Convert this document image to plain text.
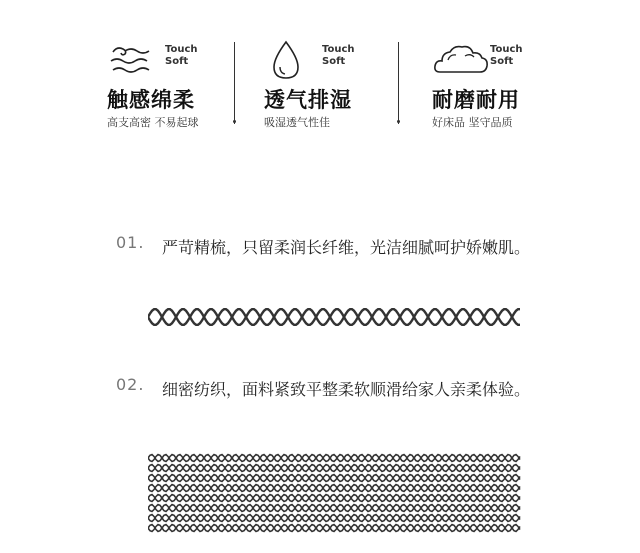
Touch
Soft
触感绵柔
高支高密 不易起球
Touch
Soft
透气排湿
吸湿透气性佳
Touch
Soft
耐磨耐用
好床品 坚守品质
01. 严苛精梳，只留柔润长纤维，光洁细腻呵护娇嫩肌。
02. 细密纺织，面料紧致平整柔软顺滑给家人亲柔体验。
